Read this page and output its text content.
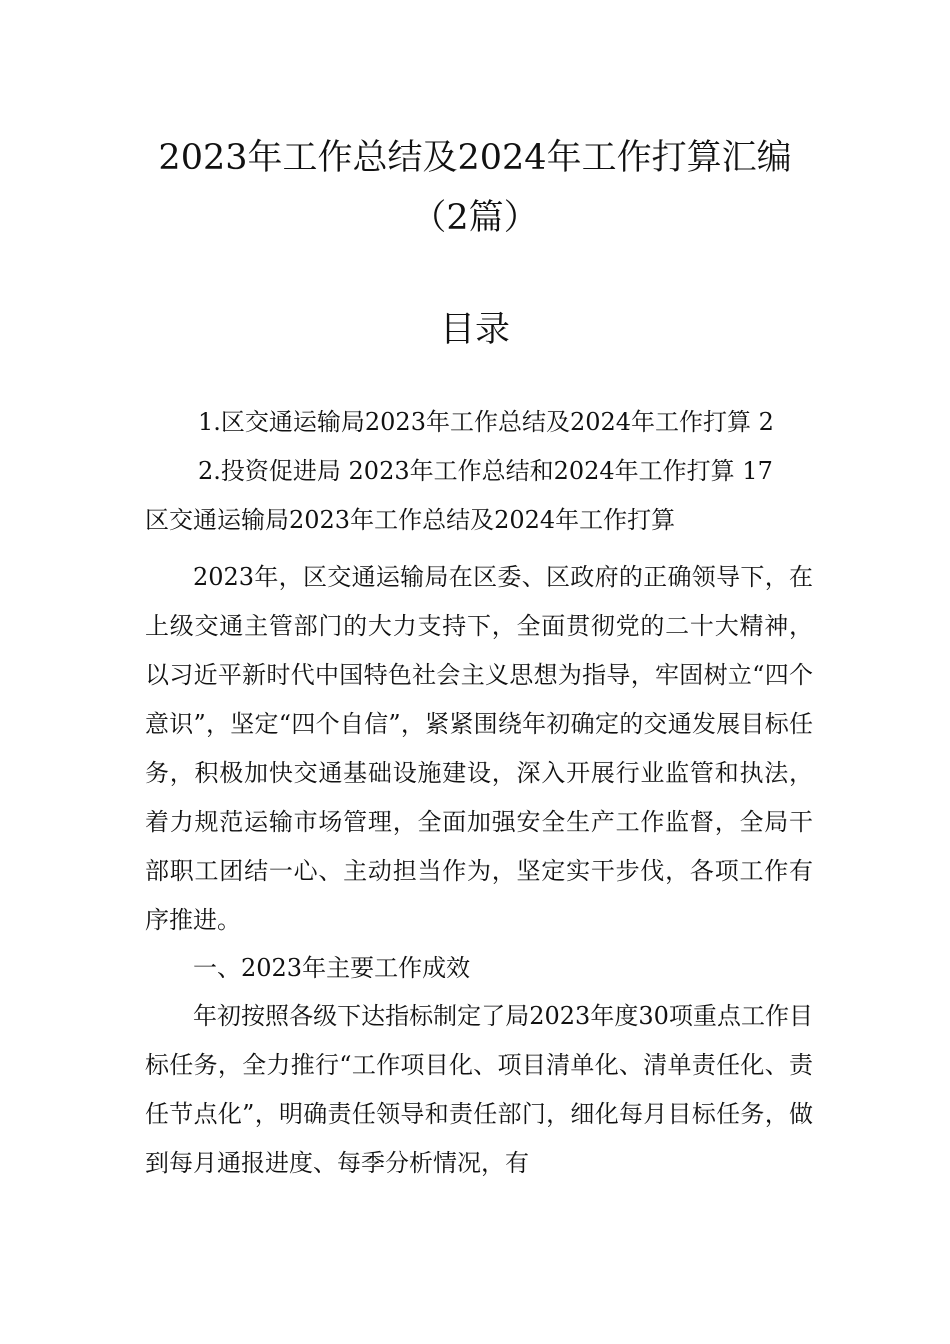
2023年工作总结及2024年工作打算汇编
（2篇）
目录
1.区交通运输局2023年工作总结及2024年工作打算 2
2.投资促进局 2023年工作总结和2024年工作打算 17
区交通运输局2023年工作总结及2024年工作打算

2023年，区交通运输局在区委、区政府的正确领导下，在上级交通主管部门的大力支持下，全面贯彻党的二十大精神，以习近平新时代中国特色社会主义思想为指导，牢固树立“四个意识”，坚定“四个自信”，紧紧围绕年初确定的交通发展目标任务，积极加快交通基础设施建设，深入开展行业监管和执法，着力规范运输市场管理，全面加强安全生产工作监督，全局干部职工团结一心、主动担当作为，坚定实干步伐，各项工作有序推进。

一、2023年主要工作成效

年初按照各级下达指标制定了局2023年度30项重点工作目标任务，全力推行“工作项目化、项目清单化、清单责任化、责任节点化”，明确责任领导和责任部门，细化每月目标任务，做到每月通报进度、每季分析情况，有
